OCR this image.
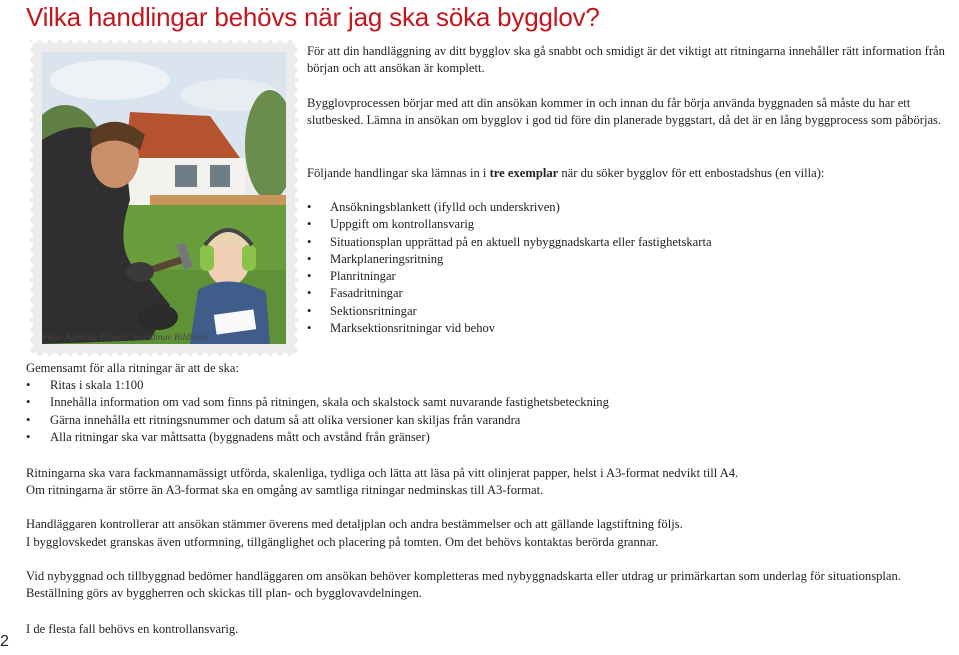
Vilka handlingar behövs när jag ska söka bygglov?
Foto: Agnetha Tillnert, Scandinav Bildbyrå

För att din handläggning av ditt bygglov ska gå snabbt och smidigt är det viktigt att ritningarna innehåller rätt information från början och att ansökan är komplett.

Bygglovprocessen börjar med att din ansökan kommer in och innan du får börja använda byggnaden så måste du har ett slutbesked. Lämna in ansökan om bygglov i god tid före din planerade byggstart, då det är en lång byggprocess som påbörjas.

Följande handlingar ska lämnas in i tre exemplar när du söker bygglov för ett enbostadshus (en villa):

• Ansökningsblankett (ifylld och underskriven)
• Uppgift om kontrollansvarig
• Situationsplan upprättad på en aktuell nybyggnadskarta eller fastighetskarta
• Markplaneringsritning
• Planritningar
• Fasadritningar
• Sektionsritningar
• Marksektionsritningar vid behov

Gemensamt för alla ritningar är att de ska:

• Ritas i skala 1:100
• Innehålla information om vad som finns på ritningen, skala och skalstock samt nuvarande fastighetsbeteckning
• Gärna innehålla ett ritningsnummer och datum så att olika versioner kan skiljas från varandra
• Alla ritningar ska var måttsatta (byggnadens mått och avstånd från gränser)

Ritningarna ska vara fackmannamässigt utförda, skalenliga, tydliga och lätta att läsa på vitt olinjerat papper, helst i A3-format nedvikt till A4.

Om ritningarna är större än A3-format ska en omgång av samtliga ritningar nedminskas till A3-format.

Handläggaren kontrollerar att ansökan stämmer överens med detaljplan och andra bestämmelser och att gällande lagstiftning följs.

I bygglovskedet granskas även utformning, tillgänglighet och placering på tomten. Om det behövs kontaktas berörda grannar.

Vid nybyggnad och tillbyggnad bedömer handläggaren om ansökan behöver kompletteras med nybyggnadskarta eller utdrag ur primärkartan som underlag för situationsplan. Beställning görs av byggherren och skickas till plan- och bygglovavdelningen.

I de flesta fall behövs en kontrollansvarig.

2
